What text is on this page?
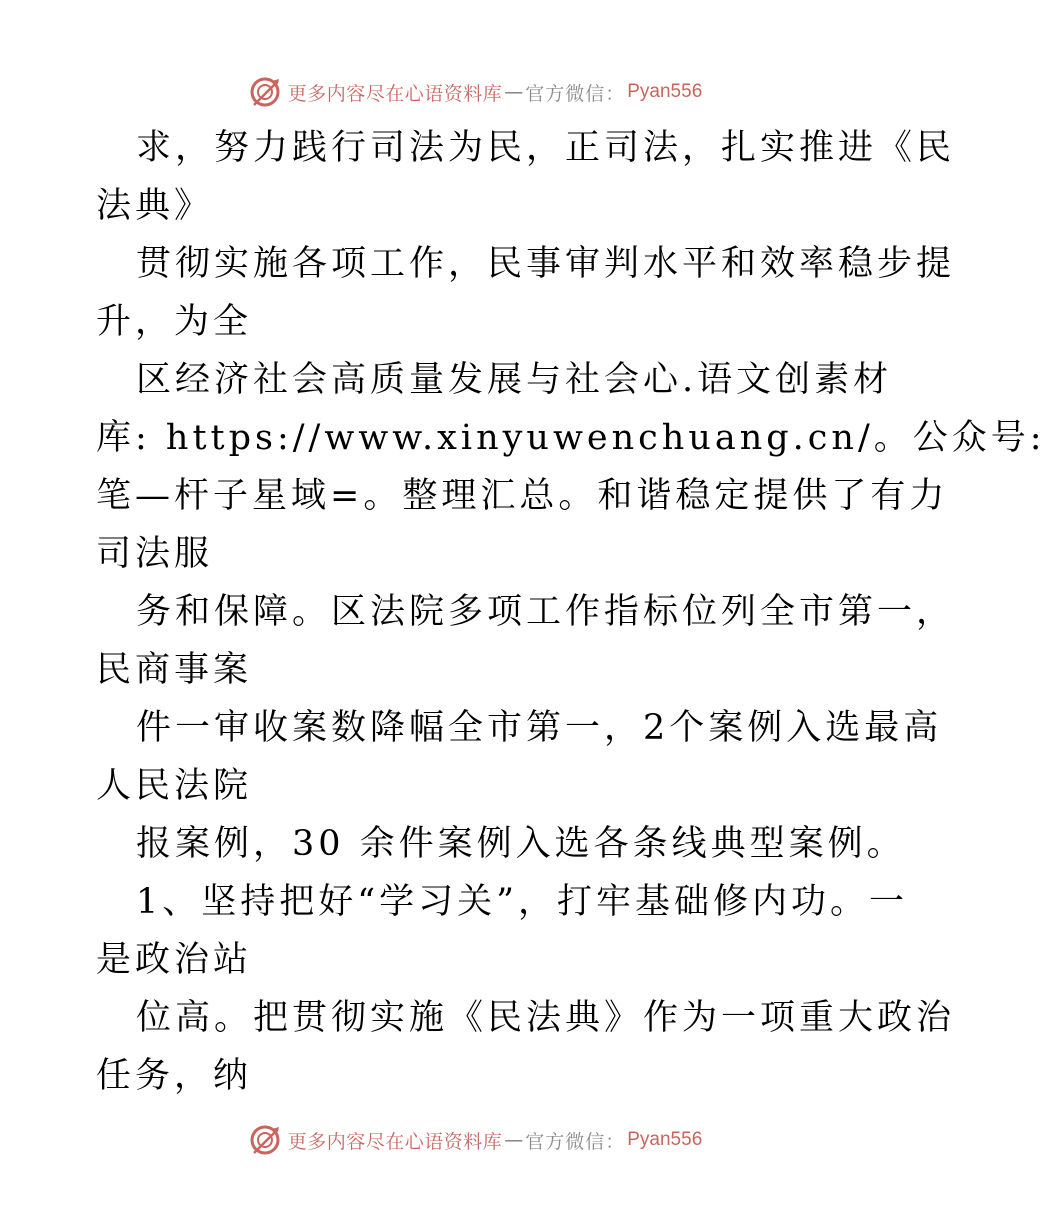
更多内容尽在心语资料库 — 官方微信： Pyan556
求，努力践行司法为民，正司法，扎实推进《民
法典》
贯彻实施各项工作，民事审判水平和效率稳步提
升，为全
区经济社会高质量发展与社会心.语文创素材
库: https://www.xinyuwenchuang.cn/。公众号:
笔—杆子星域=。整理汇总。和谐稳定提供了有力
司法服
务和保障。区法院多项工作指标位列全市第一，
民商事案
件一审收案数降幅全市第一，2个案例入选最高
人民法院
报案例，30 余件案例入选各条线典型案例。
1、坚持把好“学习关”，打牢基础修内功。一
是政治站
位高。把贯彻实施《民法典》作为一项重大政治
任务，纳
更多内容尽在心语资料库 — 官方微信： Pyan556
